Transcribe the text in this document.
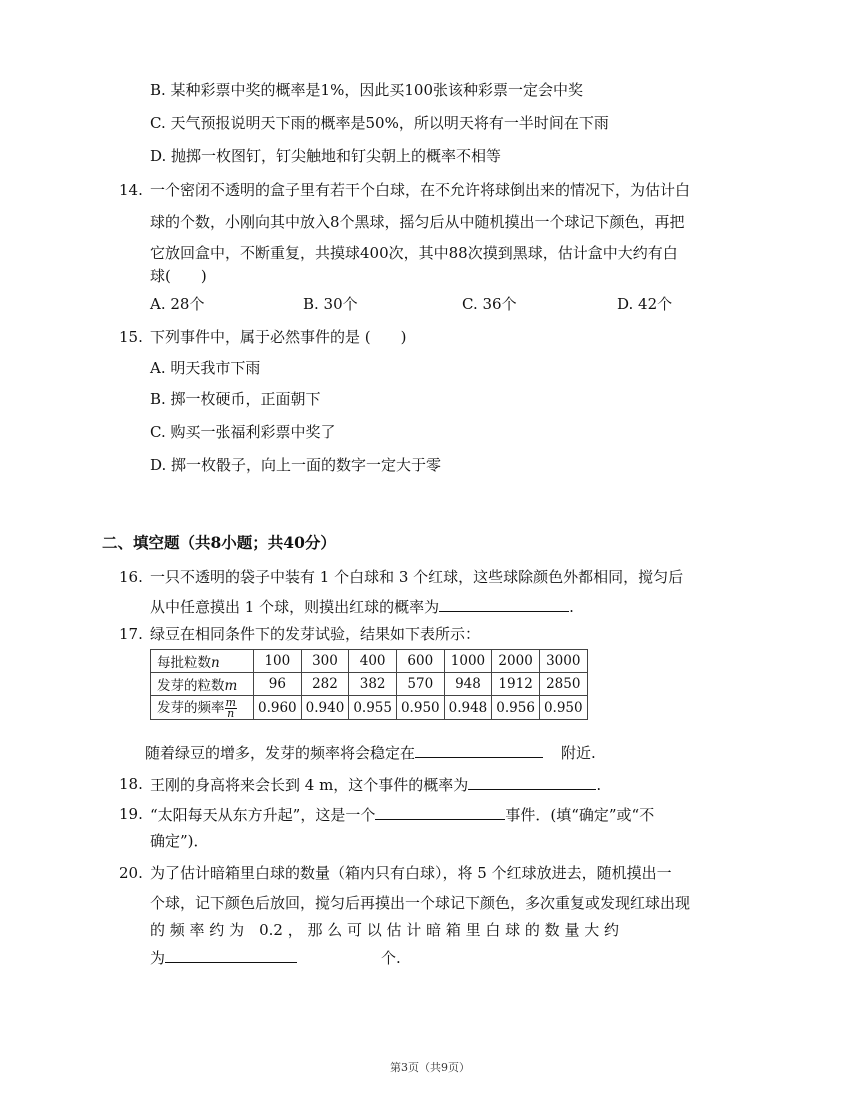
B. 某种彩票中奖的概率是1%，因此买100张该种彩票一定会中奖
C. 天气预报说明天下雨的概率是50%，所以明天将有一半时间在下雨
D. 抛掷一枚图钉，钉尖触地和钉尖朝上的概率不相等
14. 一个密闭不透明的盒子里有若干个白球，在不允许将球倒出来的情况下，为估计白
球的个数，小刚向其中放入8个黑球，摇匀后从中随机摸出一个球记下颜色，再把
它放回盒中，不断重复，共摸球400次，其中88次摸到黑球，估计盒中大约有白
球(　　)
A. 28个	B. 30个	C. 36个	D. 42个
15. 下列事件中，属于必然事件的是 (　　)
A. 明天我市下雨
B. 掷一枚硬币，正面朝下
C. 购买一张福利彩票中奖了
D. 掷一枚骰子，向上一面的数字一定大于零
二、填空题（共8小题；共40分）
16. 一只不透明的袋子中装有 1 个白球和 3 个红球，这些球除颜色外都相同，搅匀后
从中任意摸出 1 个球，则摸出红球的概率为	.
17. 绿豆在相同条件下的发芽试验，结果如下表所示：
每批粒数n	100	300	400	600	1000	2000	3000
发芽的粒数m	96	282	382	570	948	1912	2850
发芽的频率 $\frac{m}{n}$	0.960	0.940	0.955	0.950	0.948	0.956	0.950
随着绿豆的增多，发芽的频率将会稳定在	附近.
18. 王刚的身高将来会长到 4 m，这个事件的概率为	.
19. “太阳每天从东方升起”，这是一个	事件．(填“确定”或“不
确定”)．
20. 为了估计暗箱里白球的数量（箱内只有白球），将 5 个红球放进去，随机摸出一
个球，记下颜色后放回，搅匀后再摸出一个球记下颜色，多次重复或发现红球出现
的 频 率 约 为　0.2 ， 那 么 可 以 估 计 暗 箱 里 白 球 的 数 量 大 约
为	个.
第3页（共9页）
